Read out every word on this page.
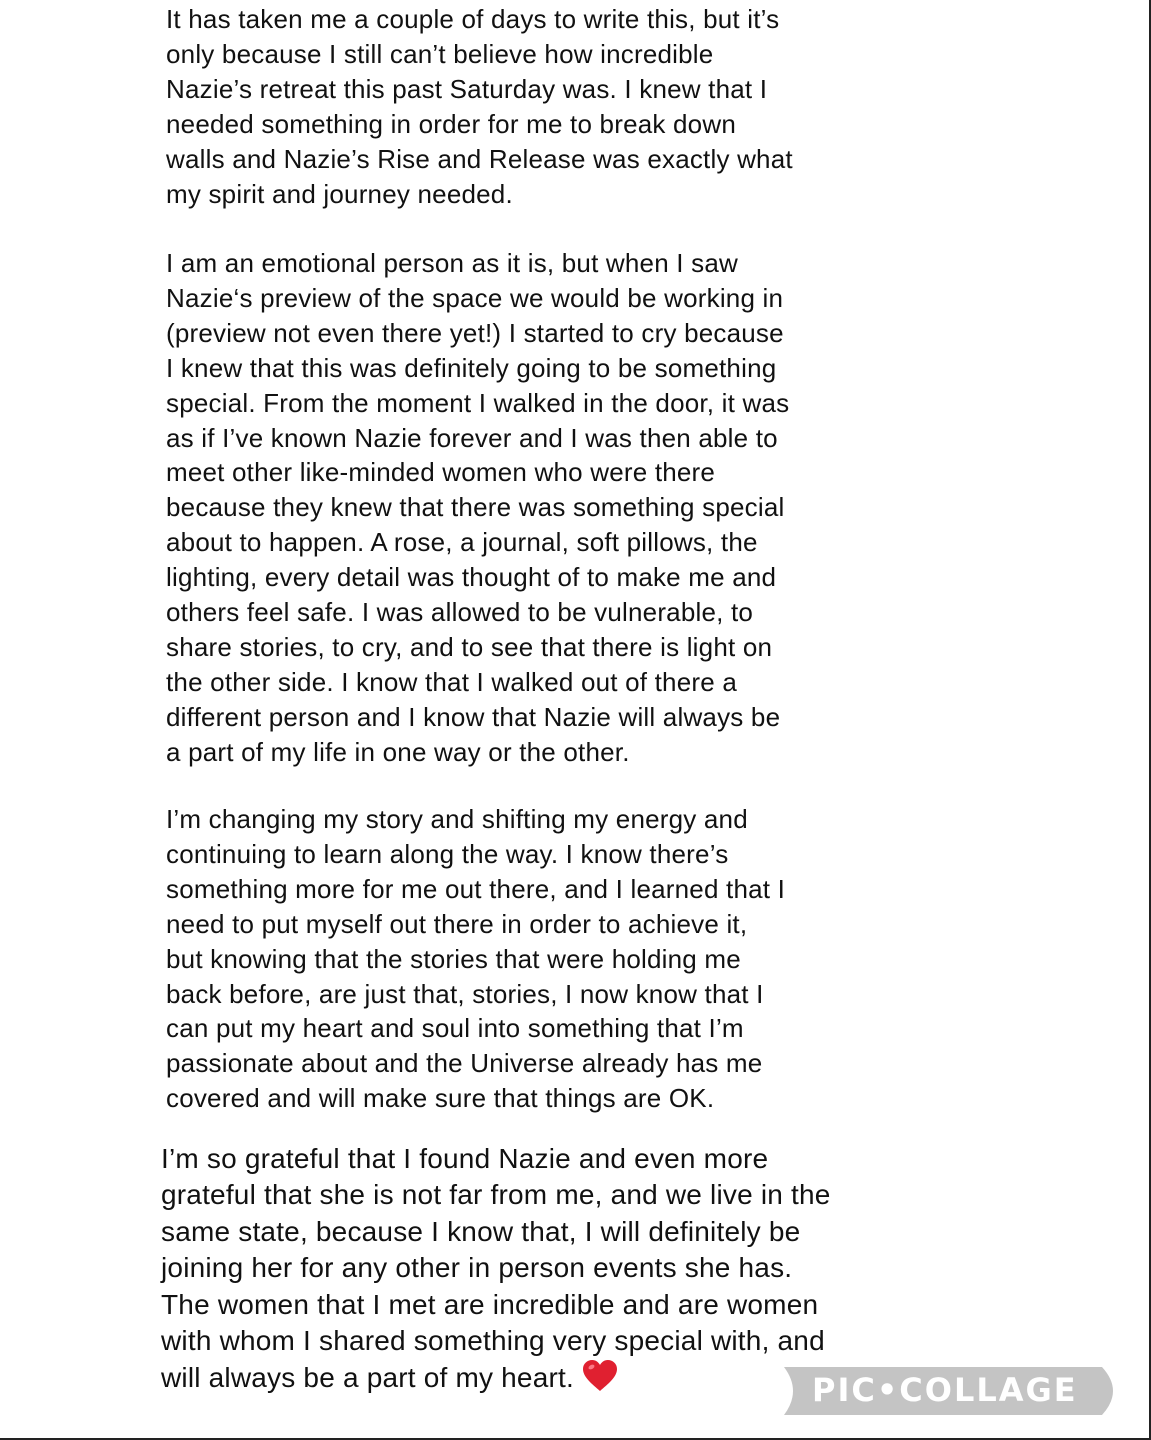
It has taken me a couple of days to write this, but it’s
only because I still can’t believe how incredible
Nazie’s retreat this past Saturday was. I knew that I
needed something in order for me to break down
walls and Nazie’s Rise and Release was exactly what
my spirit and journey needed.
I am an emotional person as it is, but when I saw
Nazie‘s preview of the space we would be working in
(preview not even there yet!) I started to cry because
I knew that this was definitely going to be something
special. From the moment I walked in the door, it was
as if I’ve known Nazie forever and I was then able to
meet other like-minded women who were there
because they knew that there was something special
about to happen. A rose, a journal, soft pillows, the
lighting, every detail was thought of to make me and
others feel safe. I was allowed to be vulnerable, to
share stories, to cry, and to see that there is light on
the other side. I know that I walked out of there a
different person and I know that Nazie will always be
a part of my life in one way or the other.
I’m changing my story and shifting my energy and
continuing to learn along the way. I know there’s
something more for me out there, and I learned that I
need to put myself out there in order to achieve it,
but knowing that the stories that were holding me
back before, are just that, stories, I now know that I
can put my heart and soul into something that I’m
passionate about and the Universe already has me
covered and will make sure that things are OK.
I’m so grateful that I found Nazie and even more
grateful that she is not far from me, and we live in the
same state, because I know that, I will definitely be
joining her for any other in person events she has.
The women that I met are incredible and are women
with whom I shared something very special with, and
will always be a part of my heart.	PIC•COLLAGE
